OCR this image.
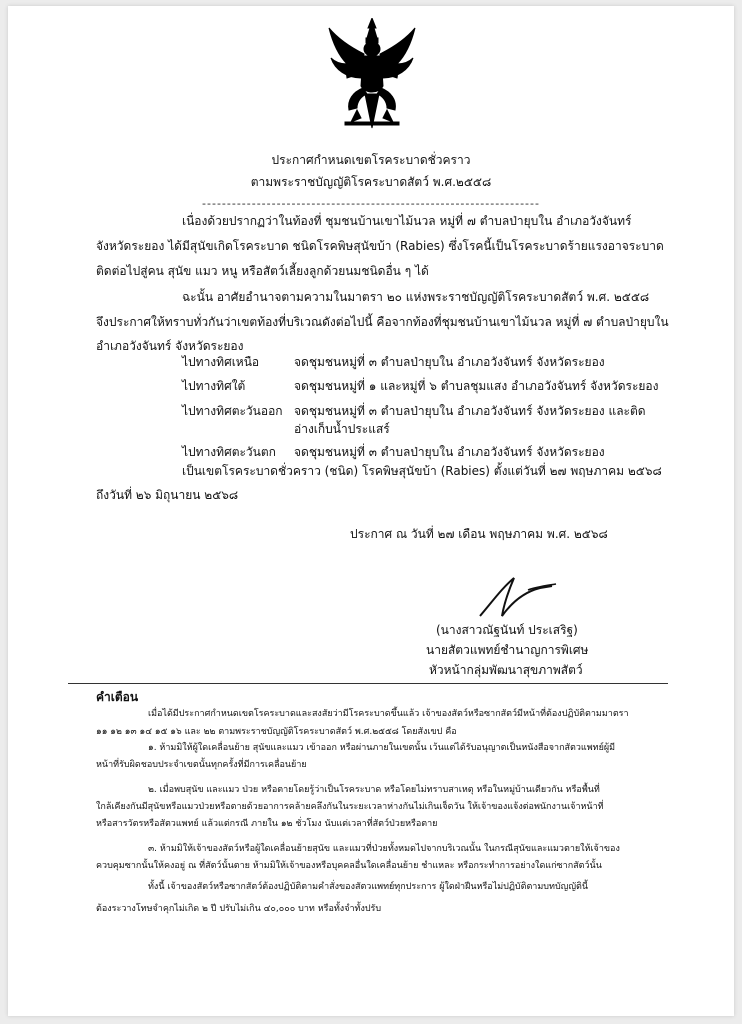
ประกาศกำหนดเขตโรคระบาดชั่วคราว
ตามพระราชบัญญัติโรคระบาดสัตว์ พ.ศ.๒๕๕๘
--------------------------------------------------------------------
เนื่องด้วยปรากฏว่าในท้องที่ ชุมชนบ้านเขาไม้นวล หมู่ที่ ๗ ตำบลป่ายุบใน อำเภอวังจันทร์
จังหวัดระยอง ได้มีสุนัขเกิดโรคระบาด ชนิดโรคพิษสุนัขบ้า (Rabies) ซึ่งโรคนี้เป็นโรคระบาดร้ายแรงอาจระบาด
ติดต่อไปสู่คน สุนัข แมว หนู หรือสัตว์เลี้ยงลูกด้วยนมชนิดอื่น ๆ ได้
ฉะนั้น อาศัยอำนาจตามความในมาตรา ๒๐ แห่งพระราชบัญญัติโรคระบาดสัตว์ พ.ศ. ๒๕๕๘
จึงประกาศให้ทราบทั่วกันว่าเขตท้องที่บริเวณดังต่อไปนี้ คือจากท้องที่ชุมชนบ้านเขาไม้นวล หมู่ที่ ๗ ตำบลป่ายุบใน
อำเภอวังจันทร์ จังหวัดระยอง
ไปทางทิศเหนือ	จดชุมชนหมู่ที่ ๓ ตำบลป่ายุบใน อำเภอวังจันทร์ จังหวัดระยอง
ไปทางทิศใต้	จดชุมชนหมู่ที่ ๑ และหมู่ที่ ๖ ตำบลชุมแสง อำเภอวังจันทร์ จังหวัดระยอง
ไปทางทิศตะวันออก จดชุมชนหมู่ที่ ๓ ตำบลป่ายุบใน อำเภอวังจันทร์ จังหวัดระยอง และติด
อ่างเก็บน้ำประแสร์
ไปทางทิศตะวันตก จดชุมชนหมู่ที่ ๓ ตำบลป่ายุบใน อำเภอวังจันทร์ จังหวัดระยอง
เป็นเขตโรคระบาดชั่วคราว (ชนิด) โรคพิษสุนัขบ้า (Rabies) ตั้งแต่วันที่ ๒๗ พฤษภาคม ๒๕๖๘
ถึงวันที่ ๒๖ มิถุนายน ๒๕๖๘
ประกาศ ณ วันที่ ๒๗ เดือน พฤษภาคม พ.ศ. ๒๕๖๘
(นางสาวณัฐนันท์ ประเสริฐ)
นายสัตวแพทย์ชำนาญการพิเศษ
หัวหน้ากลุ่มพัฒนาสุขภาพสัตว์
คำเตือน
เมื่อได้มีประกาศกำหนดเขตโรคระบาดและสงสัยว่ามีโรคระบาดขึ้นแล้ว เจ้าของสัตว์หรือซากสัตว์มีหน้าที่ต้องปฏิบัติตามมาตรา
๑๑ ๑๒ ๑๓ ๑๔ ๑๕ ๑๖ และ ๒๒ ตามพระราชบัญญัติโรคระบาดสัตว์ พ.ศ.๒๕๕๘ โดยสังเขป คือ
๑. ห้ามมิให้ผู้ใดเคลื่อนย้าย สุนัขและแมว เข้าออก หรือผ่านภายในเขตนั้น เว้นแต่ได้รับอนุญาตเป็นหนังสือจากสัตวแพทย์ผู้มี
หน้าที่รับผิดชอบประจำเขตนั้นทุกครั้งที่มีการเคลื่อนย้าย
๒. เมื่อพบสุนัข และแมว ป่วย หรือตายโดยรู้ว่าเป็นโรคระบาด หรือโดยไม่ทราบสาเหตุ หรือในหมู่บ้านเดียวกัน หรือพื้นที่
ใกล้เคียงกันมีสุนัขหรือแมวป่วยหรือตายด้วยอาการคล้ายคลึงกันในระยะเวลาห่างกันไม่เกินเจ็ดวัน ให้เจ้าของแจ้งต่อพนักงานเจ้าหน้าที่
หรือสารวัตรหรือสัตวแพทย์ แล้วแต่กรณี ภายใน ๑๒ ชั่วโมง นับแต่เวลาที่สัตว์ป่วยหรือตาย
๓. ห้ามมิให้เจ้าของสัตว์หรือผู้ใดเคลื่อนย้ายสุนัข และแมวที่ป่วยทั้งหมดไปจากบริเวณนั้น ในกรณีสุนัขและแมวตายให้เจ้าของ
ควบคุมซากนั้นให้คงอยู่ ณ ที่สัตว์นั้นตาย ห้ามมิให้เจ้าของหรือบุคคลอื่นใดเคลื่อนย้าย ชำแหละ หรือกระทำการอย่างใดแก่ซากสัตว์นั้น
ทั้งนี้ เจ้าของสัตว์หรือซากสัตว์ต้องปฏิบัติตามคำสั่งของสัตวแพทย์ทุกประการ ผู้ใดฝ่าฝืนหรือไม่ปฏิบัติตามบทบัญญัตินี้
ต้องระวางโทษจำคุกไม่เกิด ๒ ปี ปรับไม่เกิน ๔๐,๐๐๐ บาท หรือทั้งจำทั้งปรับ
